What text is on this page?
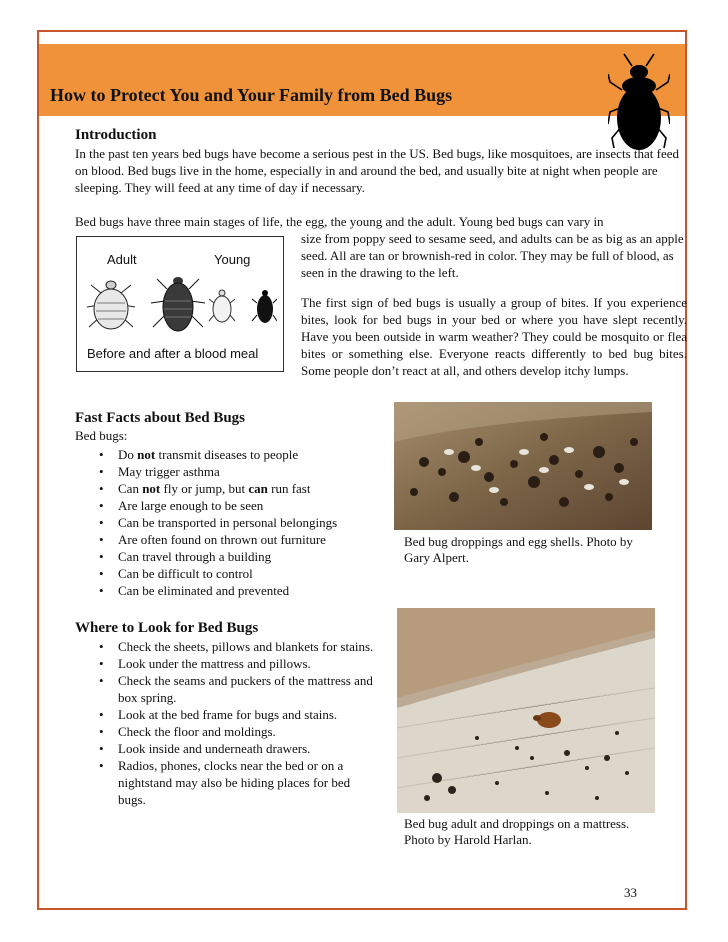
How to Protect You and Your Family from Bed Bugs
Introduction

In the past ten years bed bugs have become a serious pest in the US. Bed bugs, like mosquitoes, are insects that feed on blood. Bed bugs live in the home, especially in and around the bed, and usually bite at night when people are sleeping. They will feed at any time of day if necessary.

Bed bugs have three main stages of life, the egg, the young and the adult. Young bed bugs can vary in

size from poppy seed to sesame seed, and adults can be as big as an apple seed. All are tan or brownish-red in color. They may be full of blood, as seen in the drawing to the left.

The first sign of bed bugs is usually a group of bites. If you experience bites, look for bed bugs in your bed or where you have slept recently. Have you been outside in warm weather? They could be mosquito or flea bites or something else. Everyone reacts differently to bed bug bites. Some people don’t react at all, and others develop itchy lumps.

Adult	Young
Before and after a blood meal
Fast Facts about Bed Bugs
Bed bugs:
• Do not transmit diseases to people
• May trigger asthma
• Can not fly or jump, but can run fast
• Are large enough to be seen
• Can be transported in personal belongings
• Are often found on thrown out furniture
• Can travel through a building
• Can be difficult to control
• Can be eliminated and prevented
Where to Look for Bed Bugs
• Check the sheets, pillows and blankets for stains.
• Look under the mattress and pillows.
• Check the seams and puckers of the mattress and box spring.
• Look at the bed frame for bugs and stains.
• Check the floor and moldings.
• Look inside and underneath drawers.
• Radios, phones, clocks near the bed or on a nightstand may also be hiding places for bed bugs.
Bed bug droppings and egg shells. Photo by Gary Alpert.
Bed bug adult and droppings on a mattress. Photo by Harold Harlan.
33
